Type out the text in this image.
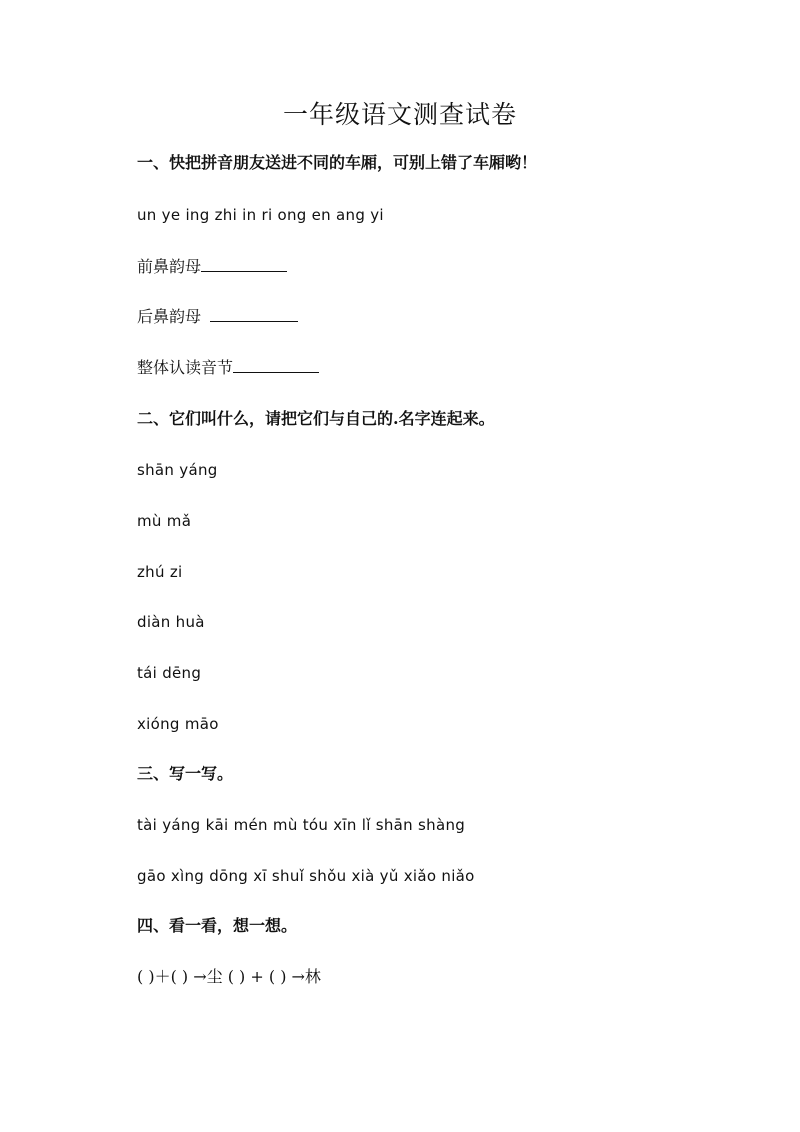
一年级语文测查试卷
一、快把拼音朋友送进不同的车厢，可别上错了车厢哟！
un ye ing zhi in ri ong en ang yi
前鼻韵母
后鼻韵母
整体认读音节
二、它们叫什么，请把它们与自己的.名字连起来。
shān yáng
mù mǎ
zhú zi
diàn huà
tái dēng
xióng māo
三、写一写。
tài yáng kāi mén mù tóu xīn lǐ shān shàng
gāo xìng dōng xī shuǐ shǒu xià yǔ xiǎo niǎo
四、看一看，想一想。
( )＋( ) →尘 ( ) + ( ) →林
